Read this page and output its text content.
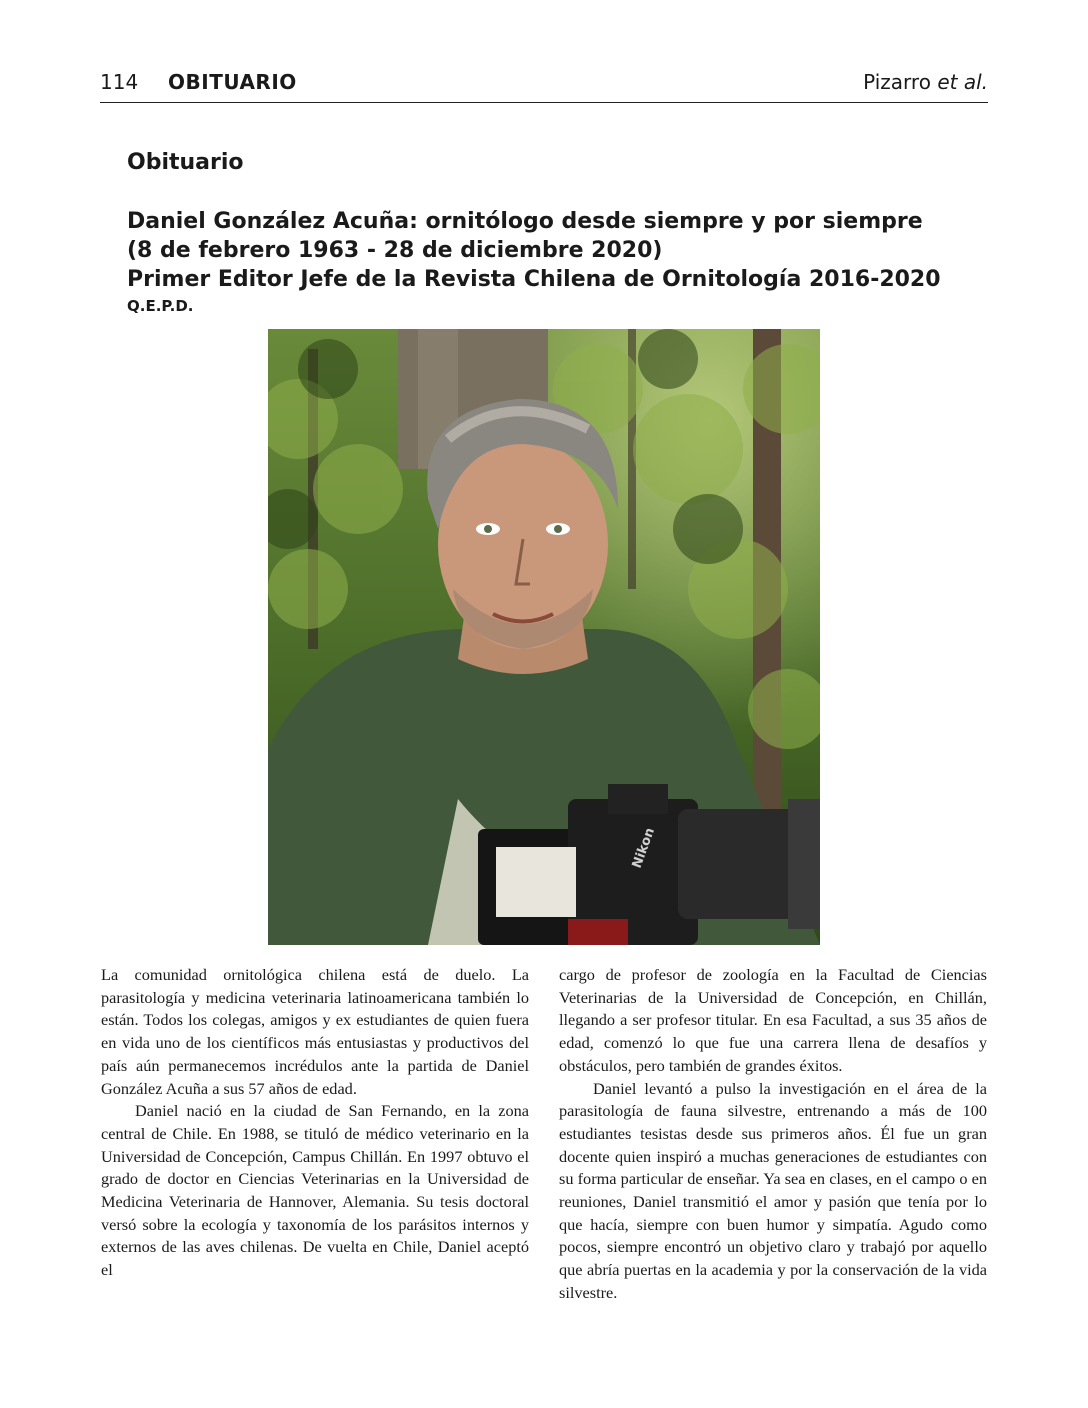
114 OBITUARIO	Pizarro et al.
Obituario
Daniel González Acuña: ornitólogo desde siempre y por siempre
(8 de febrero 1963 - 28 de diciembre 2020)
Primer Editor Jefe de la Revista Chilena de Ornitología 2016-2020
Q.E.P.D.
Nikon

La comunidad ornitológica chilena está de duelo. La parasitología y medicina veterinaria latinoamericana también lo están. Todos los colegas, amigos y ex estudiantes de quien fuera en vida uno de los científicos más entusiastas y productivos del país aún permanecemos incrédulos ante la partida de Daniel González Acuña a sus 57 años de edad.

Daniel nació en la ciudad de San Fernando, en la zona central de Chile. En 1988, se tituló de médico veterinario en la Universidad de Concepción, Campus Chillán. En 1997 obtuvo el grado de doctor en Ciencias Veterinarias en la Universidad de Medicina Veterinaria de Hannover, Alemania. Su tesis doctoral versó sobre la ecología y taxonomía de los parásitos internos y externos de las aves chilenas. De vuelta en Chile, Daniel aceptó el

cargo de profesor de zoología en la Facultad de Ciencias Veterinarias de la Universidad de Concepción, en Chillán, llegando a ser profesor titular. En esa Facultad, a sus 35 años de edad, comenzó lo que fue una carrera llena de desafíos y obstáculos, pero también de grandes éxitos.

Daniel levantó a pulso la investigación en el área de la parasitología de fauna silvestre, entrenando a más de 100 estudiantes tesistas desde sus primeros años. Él fue un gran docente quien inspiró a muchas generaciones de estudiantes con su forma particular de enseñar. Ya sea en clases, en el campo o en reuniones, Daniel transmitió el amor y pasión que tenía por lo que hacía, siempre con buen humor y simpatía. Agudo como pocos, siempre encontró un objetivo claro y trabajó por aquello que abría puertas en la academia y por la conservación de la vida silvestre.
